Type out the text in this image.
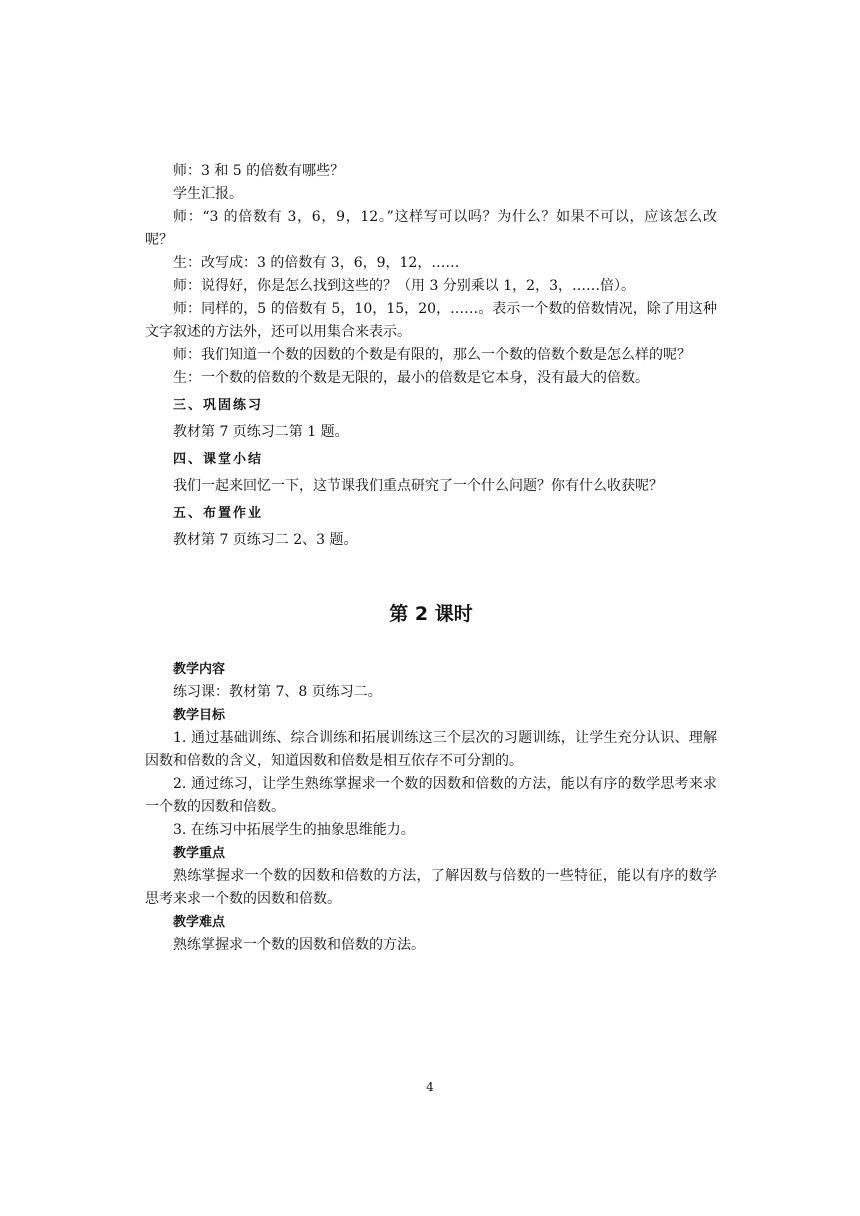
师：3 和 5 的倍数有哪些？

学生汇报。

师：“3 的倍数有 3，6，9，12。”这样写可以吗？为什么？如果不可以，应该怎么改呢？

生：改写成：3 的倍数有 3，6，9，12，……

师：说得好，你是怎么找到这些的？（用 3 分别乘以 1，2，3，……倍）。

师：同样的，5 的倍数有 5，10，15，20，……。表示一个数的倍数情况，除了用这种文字叙述的方法外，还可以用集合来表示。

师：我们知道一个数的因数的个数是有限的，那么一个数的倍数个数是怎么样的呢？

生：一个数的倍数的个数是无限的，最小的倍数是它本身，没有最大的倍数。

三、巩固练习

教材第 7 页练习二第 1 题。

四、课堂小结

我们一起来回忆一下，这节课我们重点研究了一个什么问题？你有什么收获呢？

五、布置作业

教材第 7 页练习二 2、3 题。

第 2 课时

教学内容

练习课：教材第 7、8 页练习二。

教学目标

1. 通过基础训练、综合训练和拓展训练这三个层次的习题训练，让学生充分认识、理解因数和倍数的含义，知道因数和倍数是相互依存不可分割的。

2. 通过练习，让学生熟练掌握求一个数的因数和倍数的方法，能以有序的数学思考来求一个数的因数和倍数。

3. 在练习中拓展学生的抽象思维能力。

教学重点

熟练掌握求一个数的因数和倍数的方法，了解因数与倍数的一些特征，能以有序的数学思考来求一个数的因数和倍数。

教学难点

熟练掌握求一个数的因数和倍数的方法。

4
